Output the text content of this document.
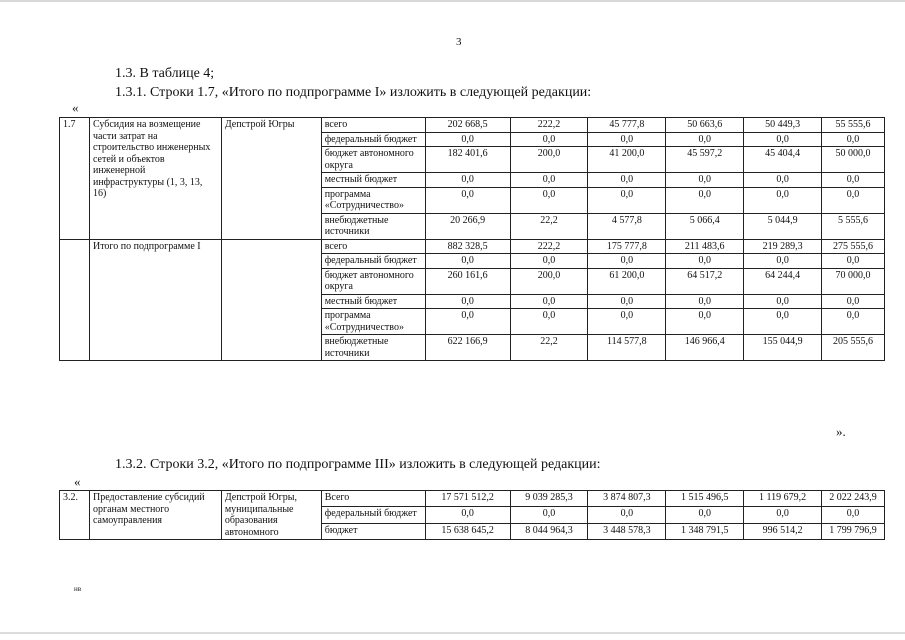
3
1.3. В таблице 4;
1.3.1. Строки 1.7, «Итого по подпрограмме I» изложить в следующей редакции:
«
1.7	Субсидия на возмещение части затрат на строительство инженерных сетей и объектов инженерной инфраструктуры (1, 3, 13, 16)	Депстрой Югры	всего	202 668,5	222,2	45 777,8	50 663,6	50 449,3	55 555,6
			федеральный бюджет	0,0	0,0	0,0	0,0	0,0	0,0
			бюджет автономного округа	182 401,6	200,0	41 200,0	45 597,2	45 404,4	50 000,0
			местный бюджет	0,0	0,0	0,0	0,0	0,0	0,0
			программа «Сотрудничество»	0,0	0,0	0,0	0,0	0,0	0,0
			внебюджетные источники	20 266,9	22,2	4 577,8	5 066,4	5 044,9	5 555,6
	Итого по подпрограмме I		всего	882 328,5	222,2	175 777,8	211 483,6	219 289,3	275 555,6
			федеральный бюджет	0,0	0,0	0,0	0,0	0,0	0,0
			бюджет автономного округа	260 161,6	200,0	61 200,0	64 517,2	64 244,4	70 000,0
			местный бюджет	0,0	0,0	0,0	0,0	0,0	0,0
			программа «Сотрудничество»	0,0	0,0	0,0	0,0	0,0	0,0
			внебюджетные источники	622 166,9	22,2	114 577,8	146 966,4	155 044,9	205 555,6
».
1.3.2. Строки 3.2, «Итого по подпрограмме III» изложить в следующей редакции:
«
3.2.	Предоставление субсидий органам местного самоуправления	Депстрой Югры, муниципальные образования автономного	Всего	17 571 512,2	9 039 285,3	3 874 807,3	1 515 496,5	1 119 679,2	2 022 243,9
			федеральный бюджет	0,0	0,0	0,0	0,0	0,0	0,0
			бюджет	15 638 645,2	8 044 964,3	3 448 578,3	1 348 791,5	996 514,2	1 799 796,9
нв
